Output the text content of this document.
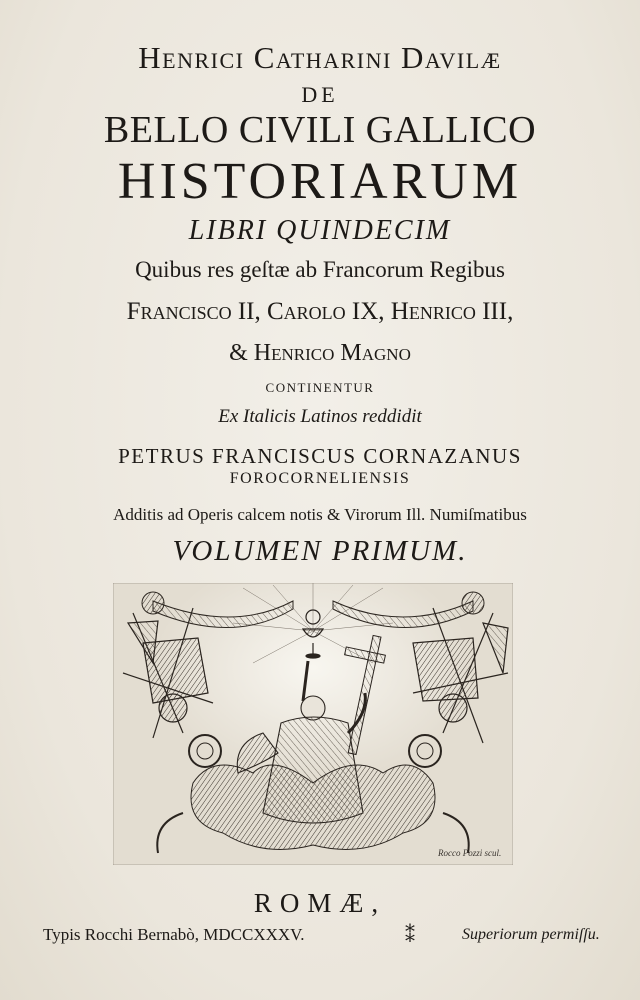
Henrici Catharini Davilæ
DE
BELLO CIVILI GALLICO
HISTORIARUM
LIBRI QUINDECIM
Quibus res geſtæ ab Francorum Regibus
Francisco II, Carolo IX, Henrico III,
& Henrico Magno
CONTINENTUR
Ex Italicis Latinos reddidit
PETRUS FRANCISCUS CORNAZANUS
FOROCORNELIENSIS
Additis ad Operis calcem notis & Virorum Ill. Numiſmatibus
VOLUMEN PRIMUM.
Rocco Pozzi scul.
ROMÆ,
Typis Rocchi Bernabò, MDCCXXXV.	⁑	Superiorum permiſſu.
